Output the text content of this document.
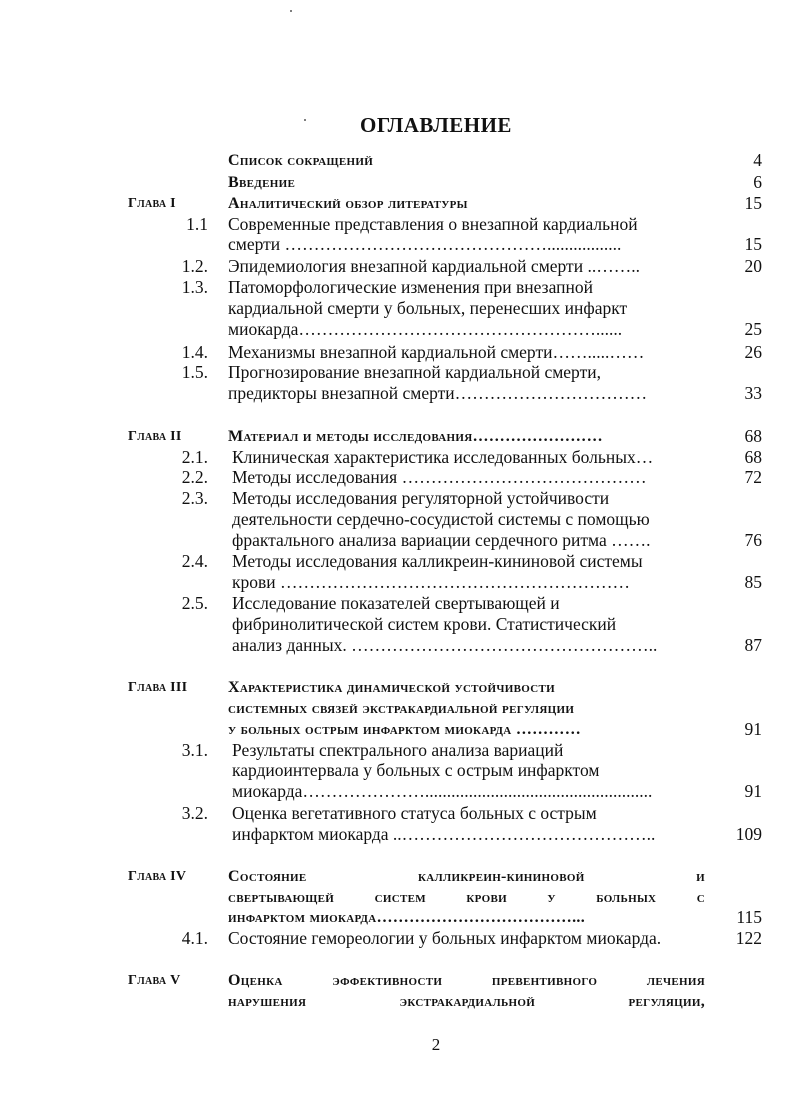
ОГЛАВЛЕНИЕ
Список сокращений	4
Введение	6
Глава I	Аналитический обзор литературы	15
1.1 Современные представления о внезапной кардиальной
смерти ……………………………………….................	15
1.2. Эпидемиология внезапной кардиальной смерти ..……..	20
1.3. Патоморфологические изменения при внезапной
кардиальной смерти у больных, перенесших инфаркт
миокарда……………………………………………......	25
1.4. Механизмы внезапной кардиальной смерти…….....……	26
1.5. Прогнозирование внезапной кардиальной смерти,
предикторы внезапной смерти……………………………	33
Глава II	Материал и методы исследования……………………	68
2.1. Клиническая характеристика исследованных больных…	68
2.2. Методы исследования ……………………………………	72
2.3. Методы исследования регуляторной устойчивости
деятельности сердечно-сосудистой системы с помощью
фрактального анализа вариации сердечного ритма …….	76
2.4. Методы исследования калликреин-кининовой системы
крови ……………………………………………………	85
2.5. Исследование показателей свертывающей и
фибринолитической систем крови. Статистический
анализ данных. ……………………………………………..	87
Глава III	Характеристика динамической устойчивости
системных связей экстракардиальной регуляции
у больных острым инфарктом миокарда …………	91
3.1. Результаты спектрального анализа вариаций
кардиоинтервала у больных с острым инфарктом
миокарда…………………....................................................	91
3.2. Оценка вегетативного статуса больных с острым
инфарктом миокарда ..……………………………………..	109
Глава IV	Состояние калликреин-кининовой и
свертывающей систем крови у больных с
инфарктом миокарда………………………………...	115
4.1. Состояние гемореологии у больных инфарктом миокарда.	122
Глава V	Оценка эффективности превентивного лечения
нарушения экстракардиальной регуляции,
2
